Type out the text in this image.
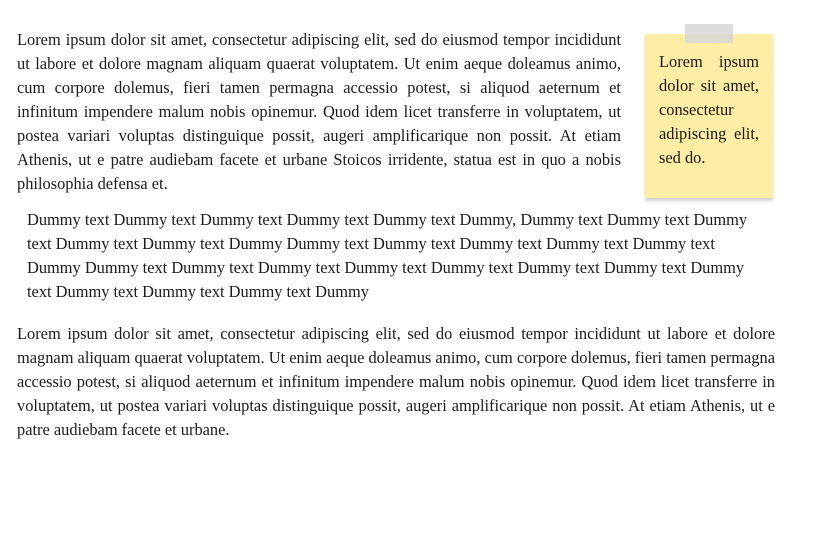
Lorem ipsum dolor sit amet, consectetur adipiscing elit, sed do eiusmod tempor incididunt ut labore et dolore magnam aliquam quaerat voluptatem. Ut enim aeque doleamus animo, cum corpore dolemus, fieri tamen permagna accessio potest, si aliquod aeternum et infinitum impendere malum nobis opinemur. Quod idem licet transferre in voluptatem, ut postea variari voluptas distinguique possit, augeri amplificarique non possit. At etiam Athenis, ut e patre audiebam facete et urbane Stoicos irridente, statua est in quo a nobis philosophia defensa et.

Lorem ipsum dolor sit amet, consectetur adipiscing elit, sed do.

Dummy text Dummy text Dummy text Dummy text Dummy text Dummy, Dummy text Dummy text Dummy text Dummy text Dummy text Dummy Dummy text Dummy text Dummy text Dummy text Dummy text Dummy Dummy text Dummy text Dummy text Dummy text Dummy text Dummy text Dummy text Dummy text Dummy text Dummy text Dummy text Dummy

Lorem ipsum dolor sit amet, consectetur adipiscing elit, sed do eiusmod tempor incididunt ut labore et dolore magnam aliquam quaerat voluptatem. Ut enim aeque doleamus animo, cum corpore dolemus, fieri tamen permagna accessio potest, si aliquod aeternum et infinitum impendere malum nobis opinemur. Quod idem licet transferre in voluptatem, ut postea variari voluptas distinguique possit, augeri amplificarique non possit. At etiam Athenis, ut e patre audiebam facete et urbane.
